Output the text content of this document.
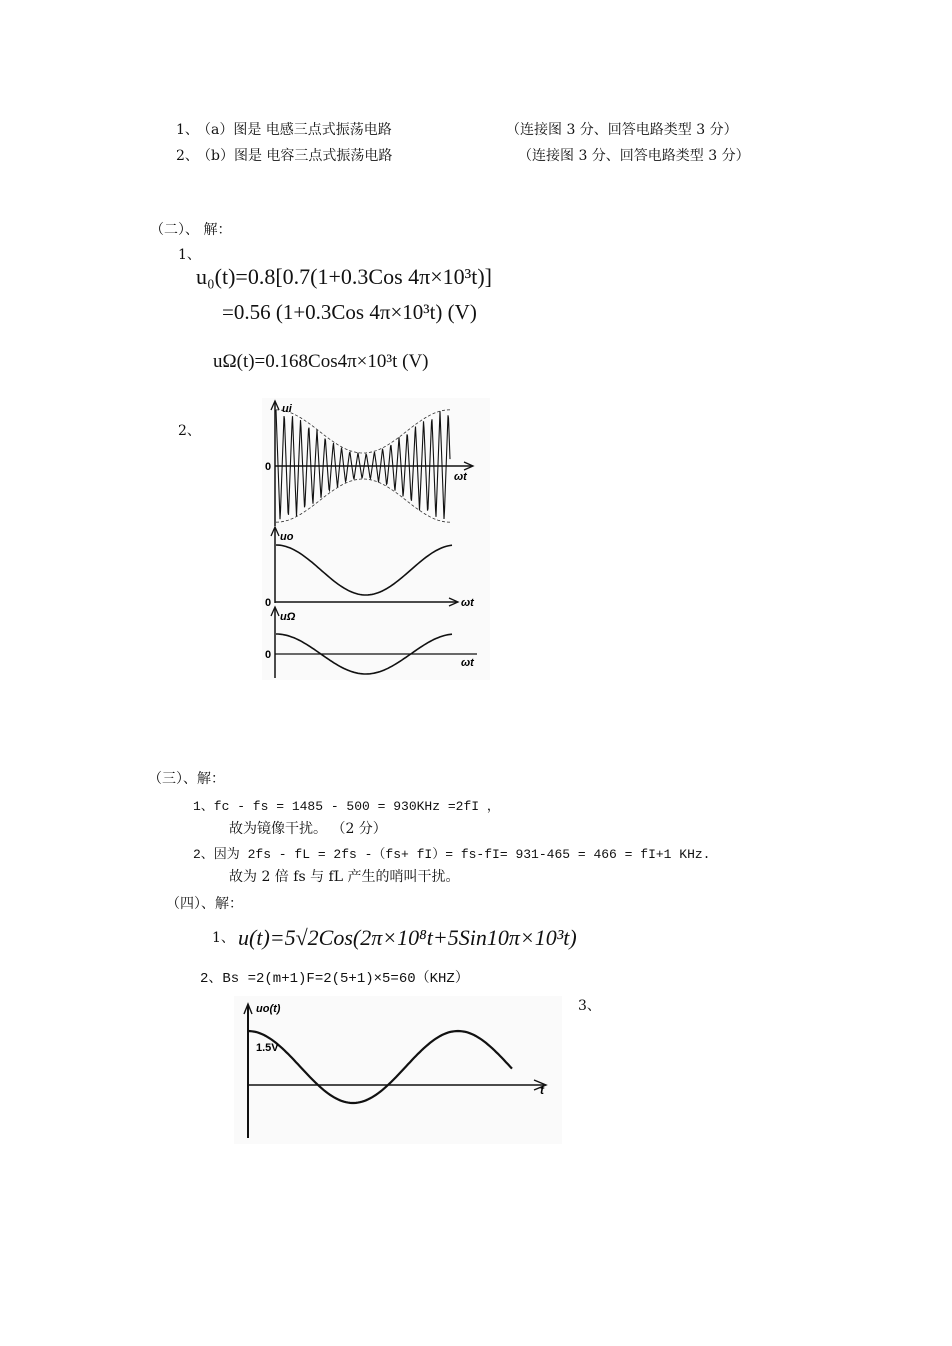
1、
（a）图是 电感三点式振荡电路	（连接图 3 分、回答电路类型 3 分）
2、
（b）图是 电容三点式振荡电路	（连接图 3 分、回答电路类型 3 分）
（二）、 解：
1、
u₀(t)=0.8[0.7(1+0.3Cos 4π×10³t)]
=0.56 (1+0.3Cos 4π×10³t) (V)
uΩ(t)=0.168Cos4π×10³t (V)
2、
ui
0
ωt
uo
0	ωt
uΩ
0
ωt
（三）、解：
1、fc - fs = 1485 - 500 = 930KHz =2fI ，
故为镜像干扰。 （2 分）
2、因为 2fs - fL = 2fs -（fs+ fI）= fs-fI= 931-465 = 466 = fI+1 KHz.
故为 2 倍 fs 与 fL 产生的哨叫干扰。
（四）、解：
1、 u(t)=5√2Cos(2π×10⁸t+5Sin10π×10³t)
2、Bs =2(m+1)F=2(5+1)×5=60（KHZ）
3、
uo(t)
1.5V
t
